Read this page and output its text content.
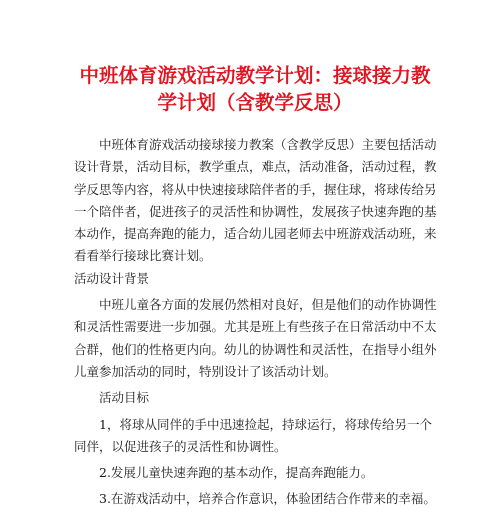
中班体育游戏活动教学计划：接球接力教学计划（含教学反思）

中班体育游戏活动接球接力教案（含教学反思）主要包括活动设计背景，活动目标，教学重点，难点，活动准备，活动过程，教学反思等内容，将从中快速接球陪伴者的手，握住球，将球传给另一个陪伴者，促进孩子的灵活性和协调性，发展孩子快速奔跑的基本动作，提高奔跑的能力，适合幼儿园老师去中班游戏活动班，来看看举行接球比赛计划。

活动设计背景

中班儿童各方面的发展仍然相对良好，但是他们的动作协调性和灵活性需要进一步加强。尤其是班上有些孩子在日常活动中不太合群，他们的性格更内向。幼儿的协调性和灵活性，在指导小组外儿童参加活动的同时，特别设计了该活动计划。

活动目标

1，将球从同伴的手中迅速捡起，持球运行，将球传给另一个同伴，以促进孩子的灵活性和协调性。

2.发展儿童快速奔跑的基本动作，提高奔跑能力。

3.在游戏活动中，培养合作意识，体验团结合作带来的幸福。
